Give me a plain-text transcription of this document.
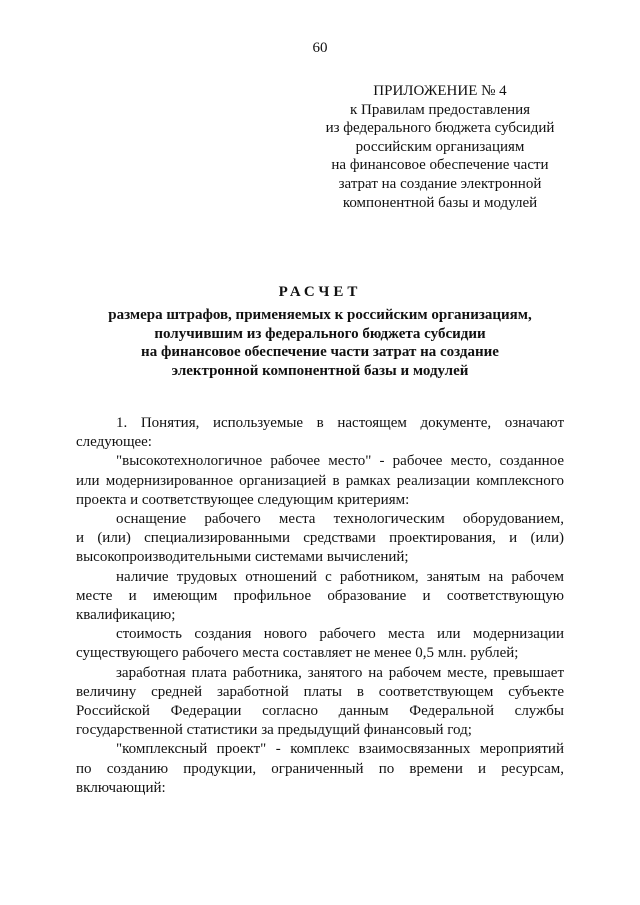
60
ПРИЛОЖЕНИЕ № 4
к Правилам предоставления
из федерального бюджета субсидий
российским организациям
на финансовое обеспечение части
затрат на создание электронной
компонентной базы и модулей
РАСЧЕТ
размера штрафов, применяемых к российским организациям,
получившим из федерального бюджета субсидии
на финансовое обеспечение части затрат на создание
электронной компонентной базы и модулей

1. Понятия, используемые в настоящем документе, означают
следующее:

"высокотехнологичное рабочее место" - рабочее место, созданное
или модернизированное организацией в рамках реализации комплексного
проекта и соответствующее следующим критериям:

оснащение рабочего места технологическим оборудованием,
и (или) специализированными средствами проектирования, и (или)
высокопроизводительными системами вычислений;

наличие трудовых отношений с работником, занятым на рабочем
месте и имеющим профильное образование и соответствующую
квалификацию;

стоимость создания нового рабочего места или модернизации
существующего рабочего места составляет не менее 0,5 млн. рублей;

заработная плата работника, занятого на рабочем месте, превышает
величину средней заработной платы в соответствующем субъекте
Российской Федерации согласно данным Федеральной службы
государственной статистики за предыдущий финансовый год;

"комплексный проект" - комплекс взаимосвязанных мероприятий
по созданию продукции, ограниченный по времени и ресурсам,
включающий:
